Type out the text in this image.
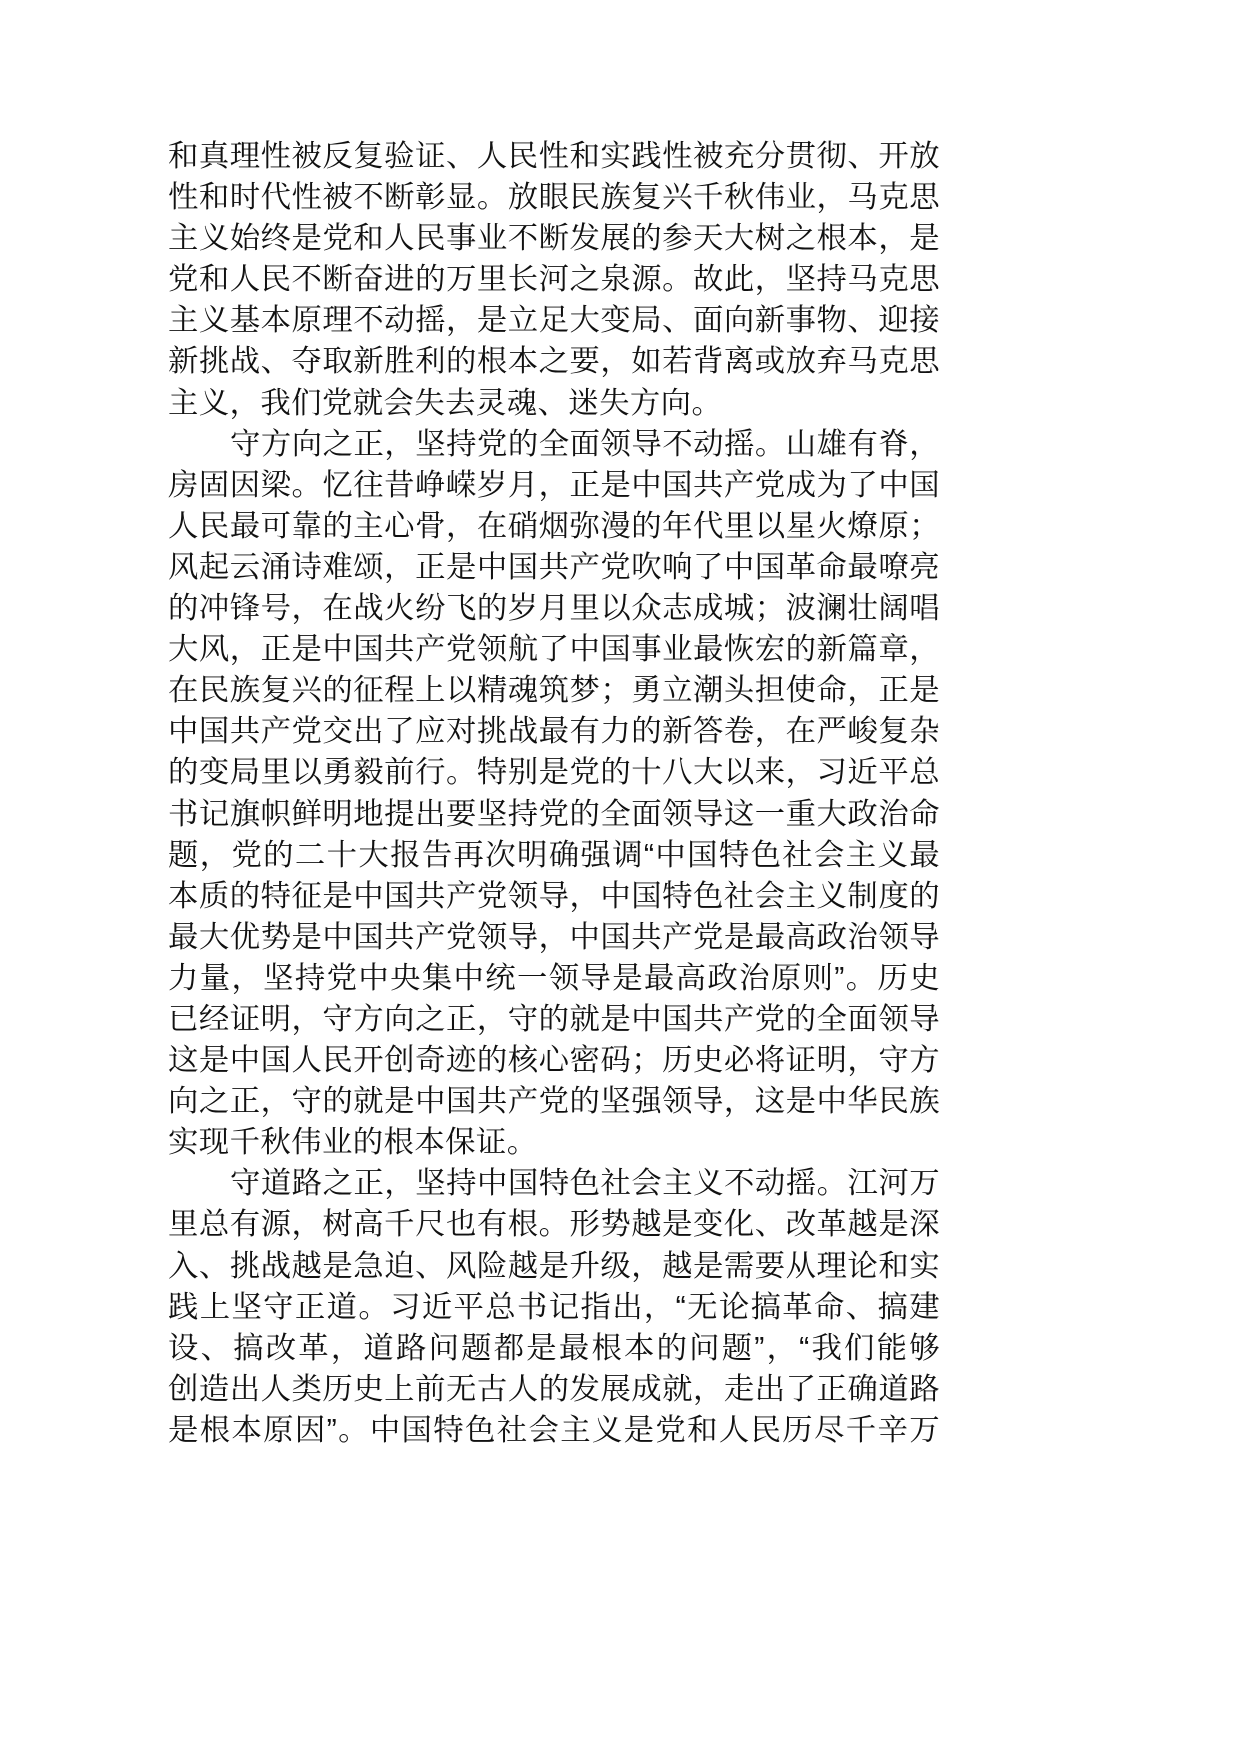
和真理性被反复验证、人民性和实践性被充分贯彻、开放
性和时代性被不断彰显。放眼民族复兴千秋伟业，马克思
主义始终是党和人民事业不断发展的参天大树之根本，是
党和人民不断奋进的万里长河之泉源。故此，坚持马克思
主义基本原理不动摇，是立足大变局、面向新事物、迎接
新挑战、夺取新胜利的根本之要，如若背离或放弃马克思
主义，我们党就会失去灵魂、迷失方向。
守方向之正，坚持党的全面领导不动摇。山雄有脊，
房固因梁。忆往昔峥嵘岁月，正是中国共产党成为了中国
人民最可靠的主心骨，在硝烟弥漫的年代里以星火燎原；
风起云涌诗难颂，正是中国共产党吹响了中国革命最嘹亮
的冲锋号，在战火纷飞的岁月里以众志成城；波澜壮阔唱
大风，正是中国共产党领航了中国事业最恢宏的新篇章，
在民族复兴的征程上以精魂筑梦；勇立潮头担使命，正是
中国共产党交出了应对挑战最有力的新答卷，在严峻复杂
的变局里以勇毅前行。特别是党的十八大以来，习近平总
书记旗帜鲜明地提出要坚持党的全面领导这一重大政治命
题，党的二十大报告再次明确强调“中国特色社会主义最
本质的特征是中国共产党领导，中国特色社会主义制度的
最大优势是中国共产党领导，中国共产党是最高政治领导
力量，坚持党中央集中统一领导是最高政治原则”。历史
已经证明，守方向之正，守的就是中国共产党的全面领导
这是中国人民开创奇迹的核心密码；历史必将证明，守方
向之正，守的就是中国共产党的坚强领导，这是中华民族
实现千秋伟业的根本保证。
守道路之正，坚持中国特色社会主义不动摇。江河万
里总有源，树高千尺也有根。形势越是变化、改革越是深
入、挑战越是急迫、风险越是升级，越是需要从理论和实
践上坚守正道。习近平总书记指出，“无论搞革命、搞建
设、搞改革，道路问题都是最根本的问题”，“我们能够
创造出人类历史上前无古人的发展成就，走出了正确道路
是根本原因”。中国特色社会主义是党和人民历尽千辛万
